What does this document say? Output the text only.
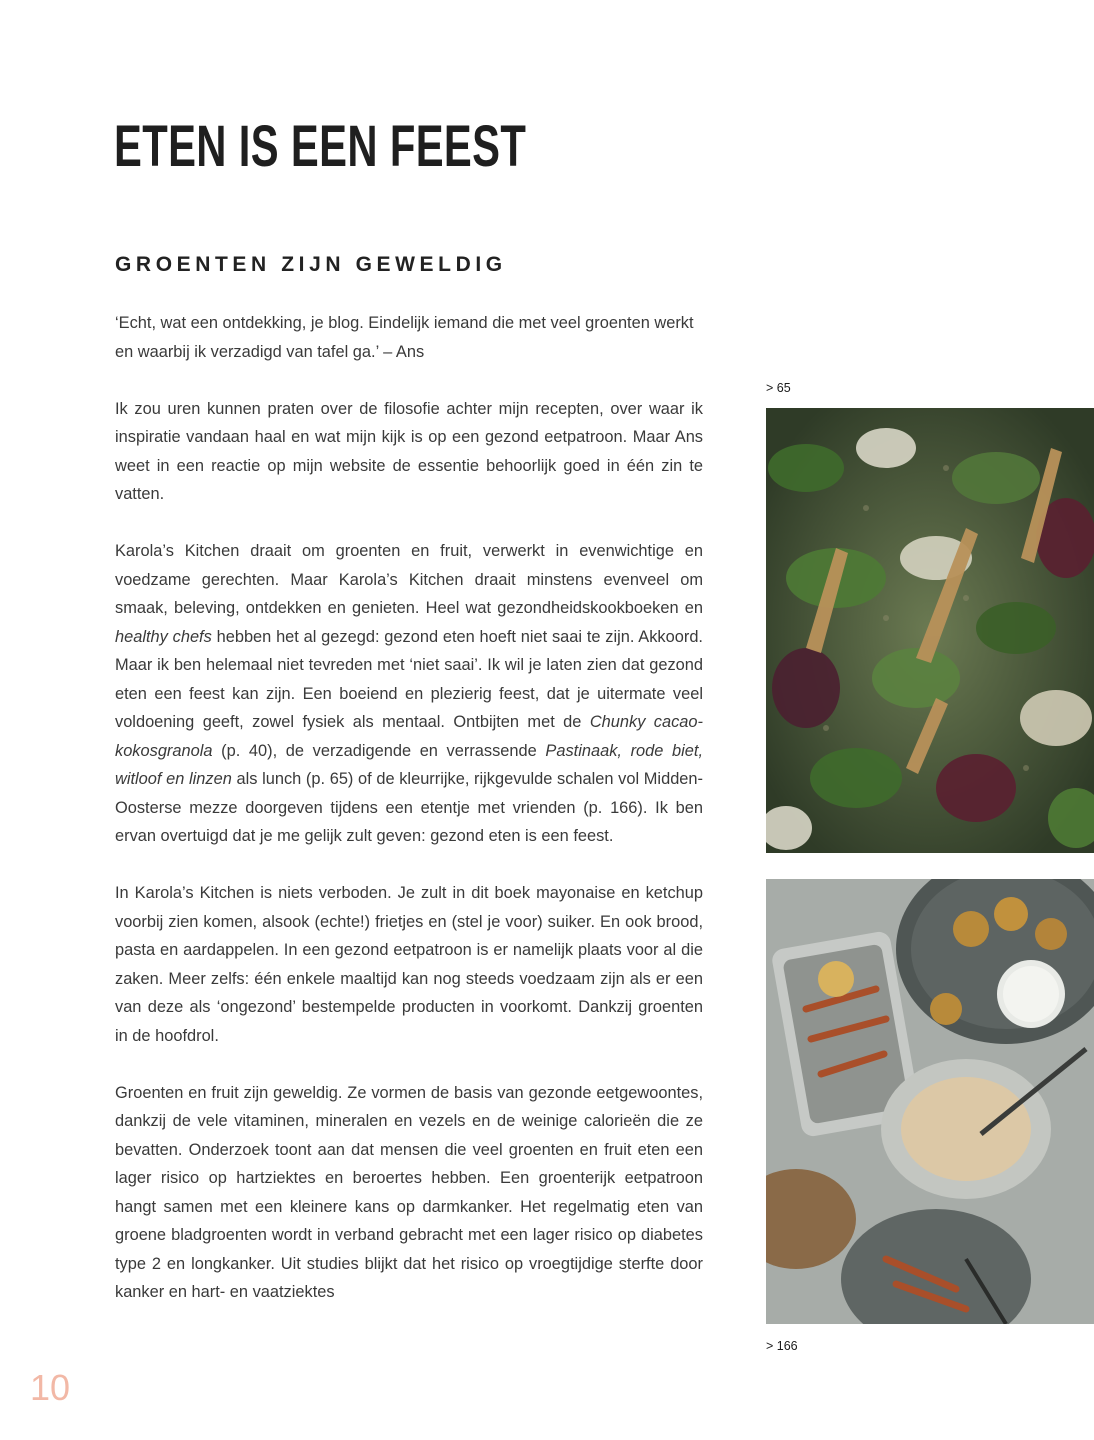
ETEN IS EEN FEEST
GROENTEN ZIJN GEWELDIG

‘Echt, wat een ontdekking, je blog. Eindelijk iemand die met veel groenten werkt en waarbij ik verzadigd van tafel ga.’ – Ans

Ik zou uren kunnen praten over de filosofie achter mijn recepten, over waar ik inspiratie vandaan haal en wat mijn kijk is op een gezond eetpatroon. Maar Ans weet in een reactie op mijn website de essentie behoorlijk goed in één zin te vatten.

Karola’s Kitchen draait om groenten en fruit, verwerkt in evenwichtige en voedzame gerechten. Maar Karola’s Kitchen draait minstens evenveel om smaak, beleving, ontdekken en genieten. Heel wat gezondheidskookboeken en healthy chefs hebben het al gezegd: gezond eten hoeft niet saai te zijn. Akkoord. Maar ik ben helemaal niet tevreden met ‘niet saai’. Ik wil je laten zien dat gezond eten een feest kan zijn. Een boeiend en plezierig feest, dat je uitermate veel voldoening geeft, zowel fysiek als mentaal. Ontbijten met de Chunky cacao-kokosgranola (p. 40), de verzadigende en verrassende Pastinaak, rode biet, witloof en linzen als lunch (p. 65) of de kleurrijke, rijkgevulde schalen vol Midden-Oosterse mezze doorgeven tijdens een etentje met vrienden (p. 166). Ik ben ervan overtuigd dat je me gelijk zult geven: gezond eten is een feest.

In Karola’s Kitchen is niets verboden. Je zult in dit boek mayonaise en ketchup voorbij zien komen, alsook (echte!) frietjes en (stel je voor) suiker. En ook brood, pasta en aardappelen. In een gezond eetpatroon is er namelijk plaats voor al die zaken. Meer zelfs: één enkele maaltijd kan nog steeds voedzaam zijn als er een van deze als ‘ongezond’ bestempelde producten in voorkomt. Dankzij groenten in de hoofdrol.

Groenten en fruit zijn geweldig. Ze vormen de basis van gezonde eetgewoontes, dankzij de vele vitaminen, mineralen en vezels en de weinige calorieën die ze bevatten. Onderzoek toont aan dat mensen die veel groenten en fruit eten een lager risico op hartziektes en beroertes hebben. Een groenterijk eetpatroon hangt samen met een kleinere kans op darmkanker. Het regelmatig eten van groene bladgroenten wordt in verband gebracht met een lager risico op diabetes type 2 en longkanker. Uit studies blijkt dat het risico op vroegtijdige sterfte door kanker en hart- en vaatziektes

> 65
> 166
10
